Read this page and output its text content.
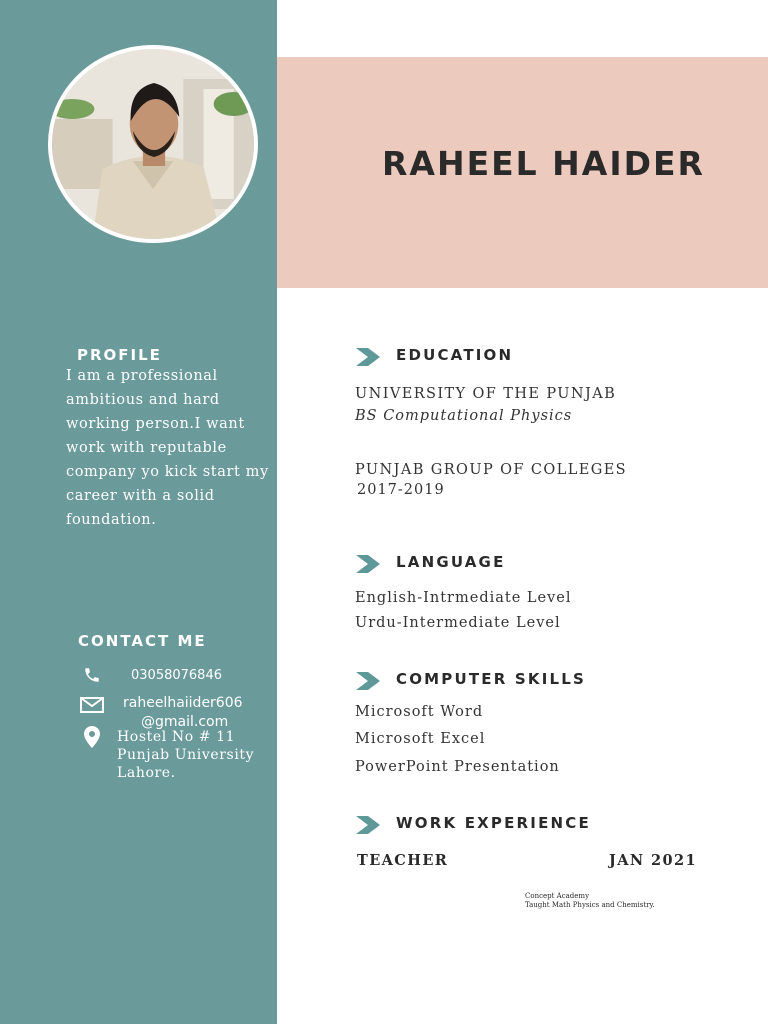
PROFILE

I am a professional ambitious and hard working person.I want work with reputable company yo kick start my career with a solid foundation.

CONTACT ME

03058076846

raheelhaiider606

@gmail.com

Hostel No # 11
Punjab University
Lahore.

RAHEEL HAIDER
EDUCATION

UNIVERSITY OF THE PUNJAB

BS Computational Physics

PUNJAB GROUP OF COLLEGES

2017-2019

LANGUAGE

English-Intrmediate Level

Urdu-Intermediate Level

COMPUTER SKILLS

Microsoft Word

Microsoft Excel

PowerPoint Presentation

WORK EXPERIENCE

TEACHER	JAN 2021

Concept Academy

Taught Math Physics and Chemistry.
